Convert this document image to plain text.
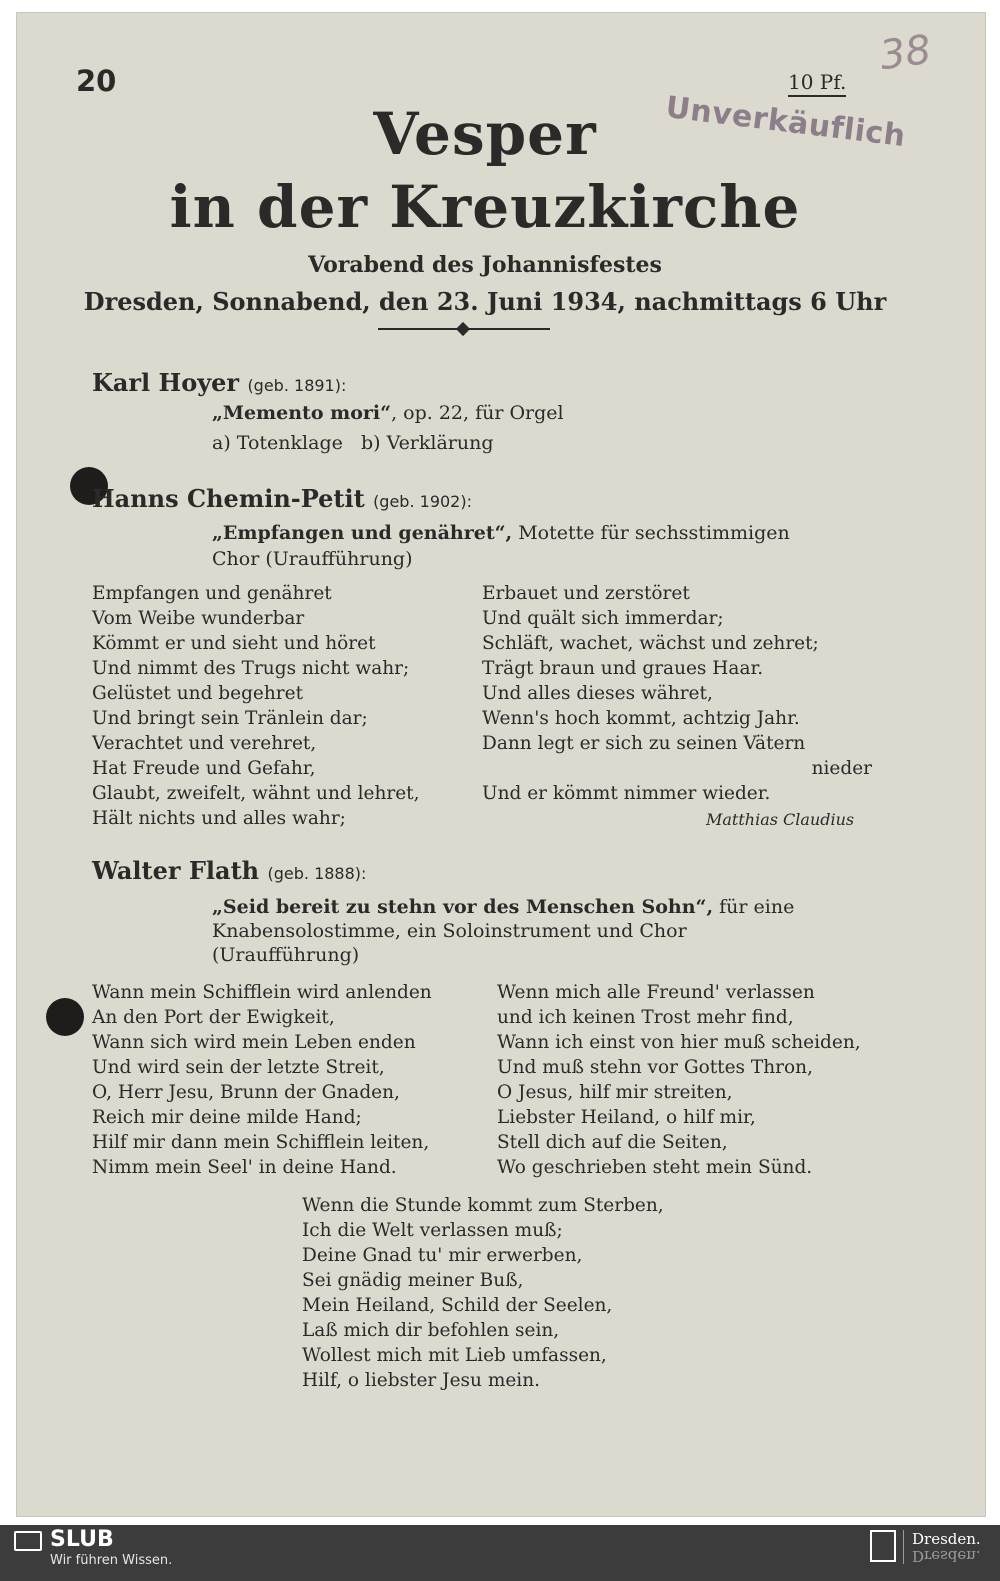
20	10 Pf.
38
Unverkäuflich
Vesper
in der Kreuzkirche
Vorabend des Johannisfestes
Dresden, Sonnabend, den 23. Juni 1934, nachmittags 6 Uhr
Karl Hoyer (geb. 1891):
„Memento mori“, op. 22, für Orgel
a) Totenklage   b) Verklärung
Hanns Chemin-Petit (geb. 1902):
„Empfangen und genähret“, Motette für sechsstimmigen
Chor (Uraufführung)
Empfangen und genähret
Vom Weibe wunderbar
Kömmt er und sieht und höret
Und nimmt des Trugs nicht wahr;
Gelüstet und begehret
Und bringt sein Tränlein dar;
Verachtet und verehret,
Hat Freude und Gefahr,
Glaubt, zweifelt, wähnt und lehret,
Hält nichts und alles wahr;
Erbauet und zerstöret
Und quält sich immerdar;
Schläft, wachet, wächst und zehret;
Trägt braun und graues Haar.
Und alles dieses währet,
Wenn's hoch kommt, achtzig Jahr.
Dann legt er sich zu seinen Vätern
nieder
Und er kömmt nimmer wieder.
Matthias Claudius
Walter Flath (geb. 1888):
„Seid bereit zu stehn vor des Menschen Sohn“, für eine
Knabensolostimme, ein Soloinstrument und Chor
(Uraufführung)
Wann mein Schifflein wird anlenden
An den Port der Ewigkeit,
Wann sich wird mein Leben enden
Und wird sein der letzte Streit,
O, Herr Jesu, Brunn der Gnaden,
Reich mir deine milde Hand;
Hilf mir dann mein Schifflein leiten,
Nimm mein Seel' in deine Hand.
Wenn mich alle Freund' verlassen
und ich keinen Trost mehr find,
Wann ich einst von hier muß scheiden,
Und muß stehn vor Gottes Thron,
O Jesus, hilf mir streiten,
Liebster Heiland, o hilf mir,
Stell dich auf die Seiten,
Wo geschrieben steht mein Sünd.
Wenn die Stunde kommt zum Sterben,
Ich die Welt verlassen muß;
Deine Gnad tu' mir erwerben,
Sei gnädig meiner Buß,
Mein Heiland, Schild der Seelen,
Laß mich dir befohlen sein,
Wollest mich mit Lieb umfassen,
Hilf, o liebster Jesu mein.
SLUB
Wir führen Wissen.
Dresden.
Dresden.
